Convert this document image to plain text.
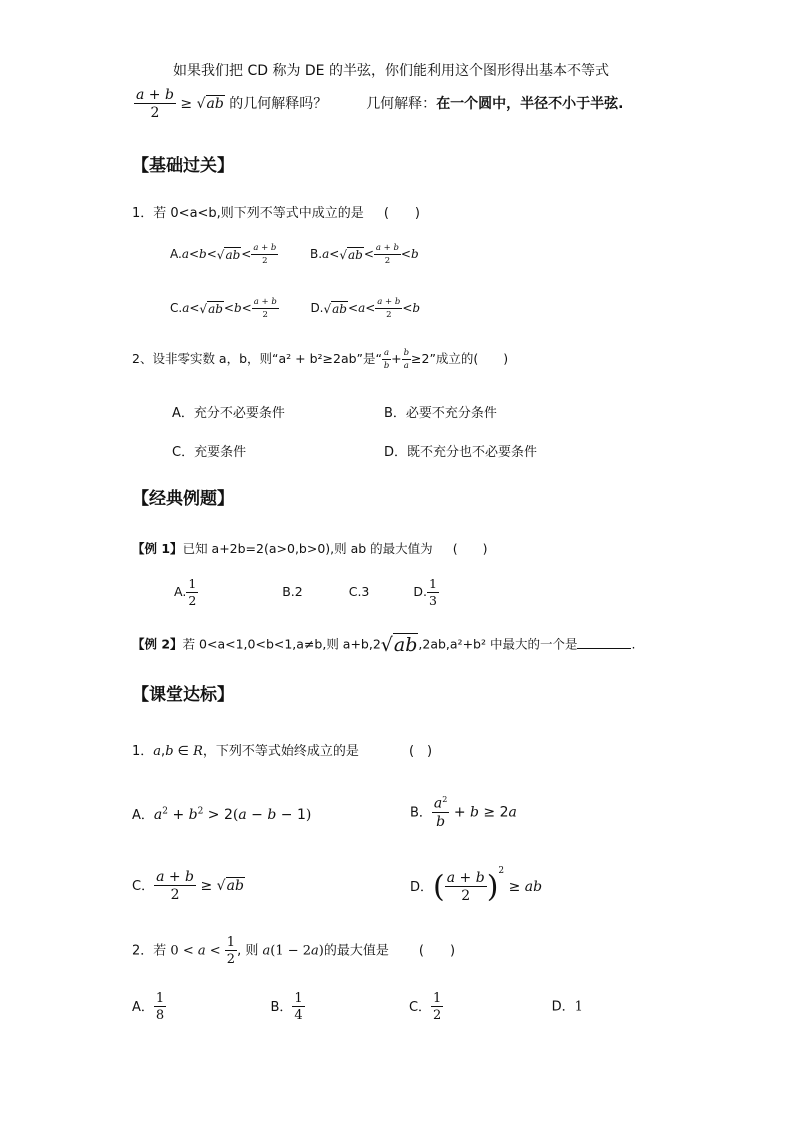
如果我们把 CD 称为 DE 的半弦，你们能利用这个图形得出基本不等式
$\frac{a + b}{2} \ge √ab$ 的几何解释吗？	几何解释：在一个圆中，半径不小于半弦.
【基础过关】
1．若 0<a<b,则下列不等式中成立的是 (　　)
$A.a<b<√ab< \frac{a + b}{2}$	$B.a<√ab< \frac{a + b}{2} <b$
$C.a<√ab<b< \frac{a + b}{2}$	$D.√ab<a< \frac{a + b}{2} <b$
2、设非零实数 a，b，则“a² + b²≥2ab”是“ $\frac{a}{b} + \frac{b}{a} \ge 2$”成立的(　　)
A．充分不必要条件	B．必要不充分条件
C．充要条件	D．既不充分也不必要条件
【经典例题】
【例 1】已知 a+2b=2(a>0,b>0),则 ab 的最大值为 (　　)
A. $\frac{1}{2}$	B.2	C.3	D. $\frac{1}{3}$
【例 2】若 0<a<1,0<b<1,a≠b,则 a+b,2√ab,2ab,a²+b² 中最大的一个是	.
【课堂达标】
1．a,b ∈ R，下列不等式始终成立的是	(　)
A．$a^2 + b^2 > 2(a - b - 1)$	B． $\frac{a^2}{b} + b \ge 2a$
C． $\frac{a + b}{2} \ge √ab$	D．( $\frac{a + b}{2} )^2$ ≥ ab
2．若 $0 < a < \frac{1}{2}$ , 则 a(1 − 2a)的最大值是 (　　)
A． $\frac{1}{8}$	B． $\frac{1}{4}$	C． $\frac{1}{2}$	D．1
